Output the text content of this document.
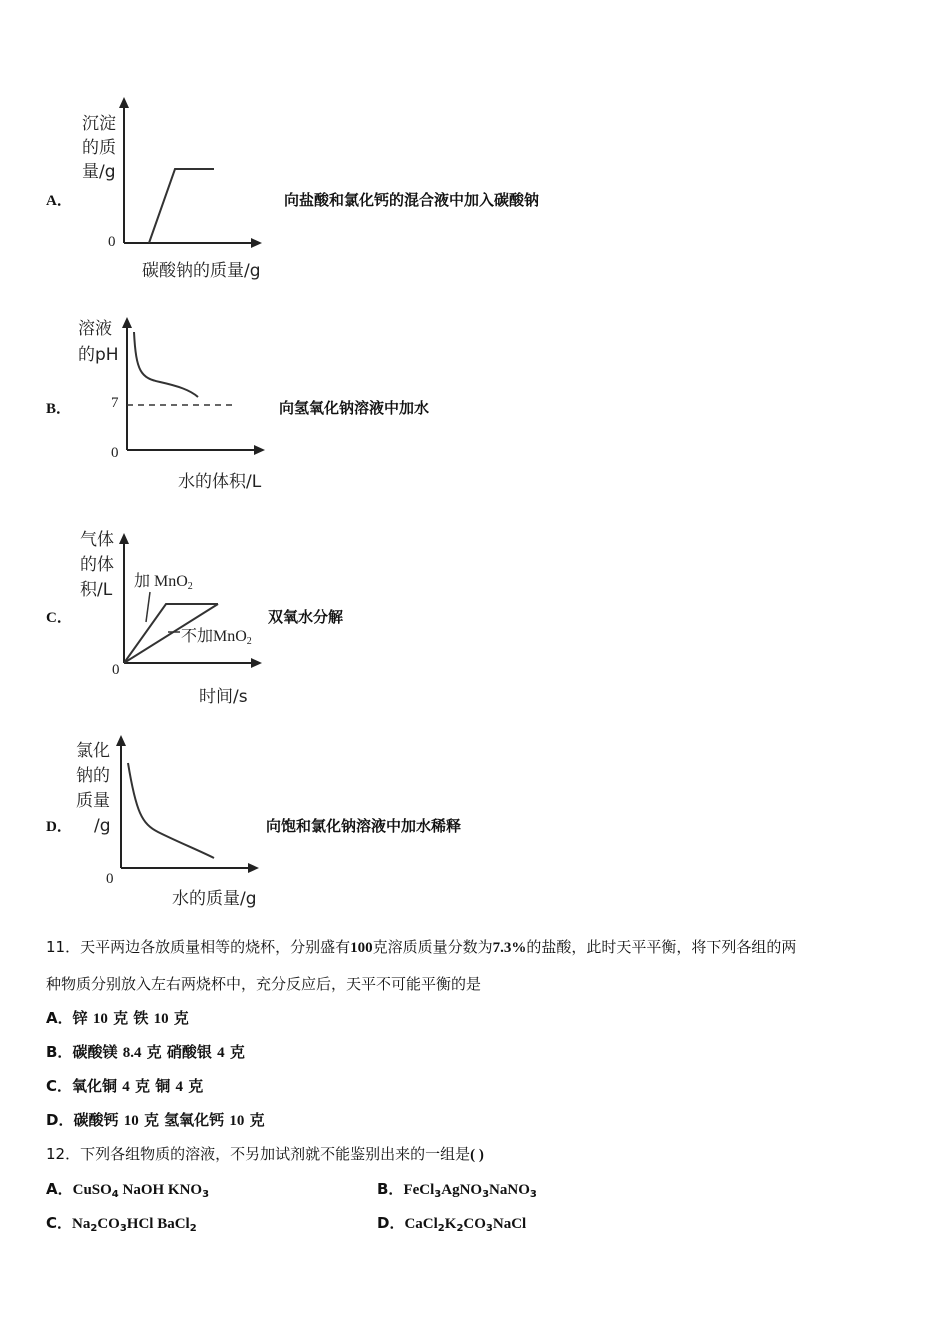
A．
沉淀
的质
量/g
0
碳酸钠的质量/g
向盐酸和氯化钙的混合液中加入碳酸钠
B．
溶液
的pH
7
0
水的体积/L
向氢氧化钠溶液中加水
C．
气体
的体
积/L 加 MnO$_2$
不加MnO$_2$
0
时间/s
双氧水分解
D．
氯化
钠的
质量
/g
0
水的质量/g
向饱和氯化钠溶液中加水稀释
11．天平两边各放质量相等的烧杯，分别盛有100克溶质质量分数为7.3%的盐酸，此时天平平衡，将下列各组的两
种物质分别放入左右两烧杯中，充分反应后，天平不可能平衡的是
A．锌 10 克 铁 10 克
B．碳酸镁 8.4 克 硝酸银 4 克
C．氧化铜 4 克 铜 4 克
D．碳酸钙 10 克 氢氧化钙 10 克
12．下列各组物质的溶液，不另加试剂就不能鉴别出来的一组是( )
A．CuSO$_4$ NaOH $KNO_3$	B．FeCl$_3$AgNO$_3$NaNO$_3$
C．$Na_2CO_3HCl$ BaCl$_2$	D．$CaCl_2K_2CO_3NaCl$
